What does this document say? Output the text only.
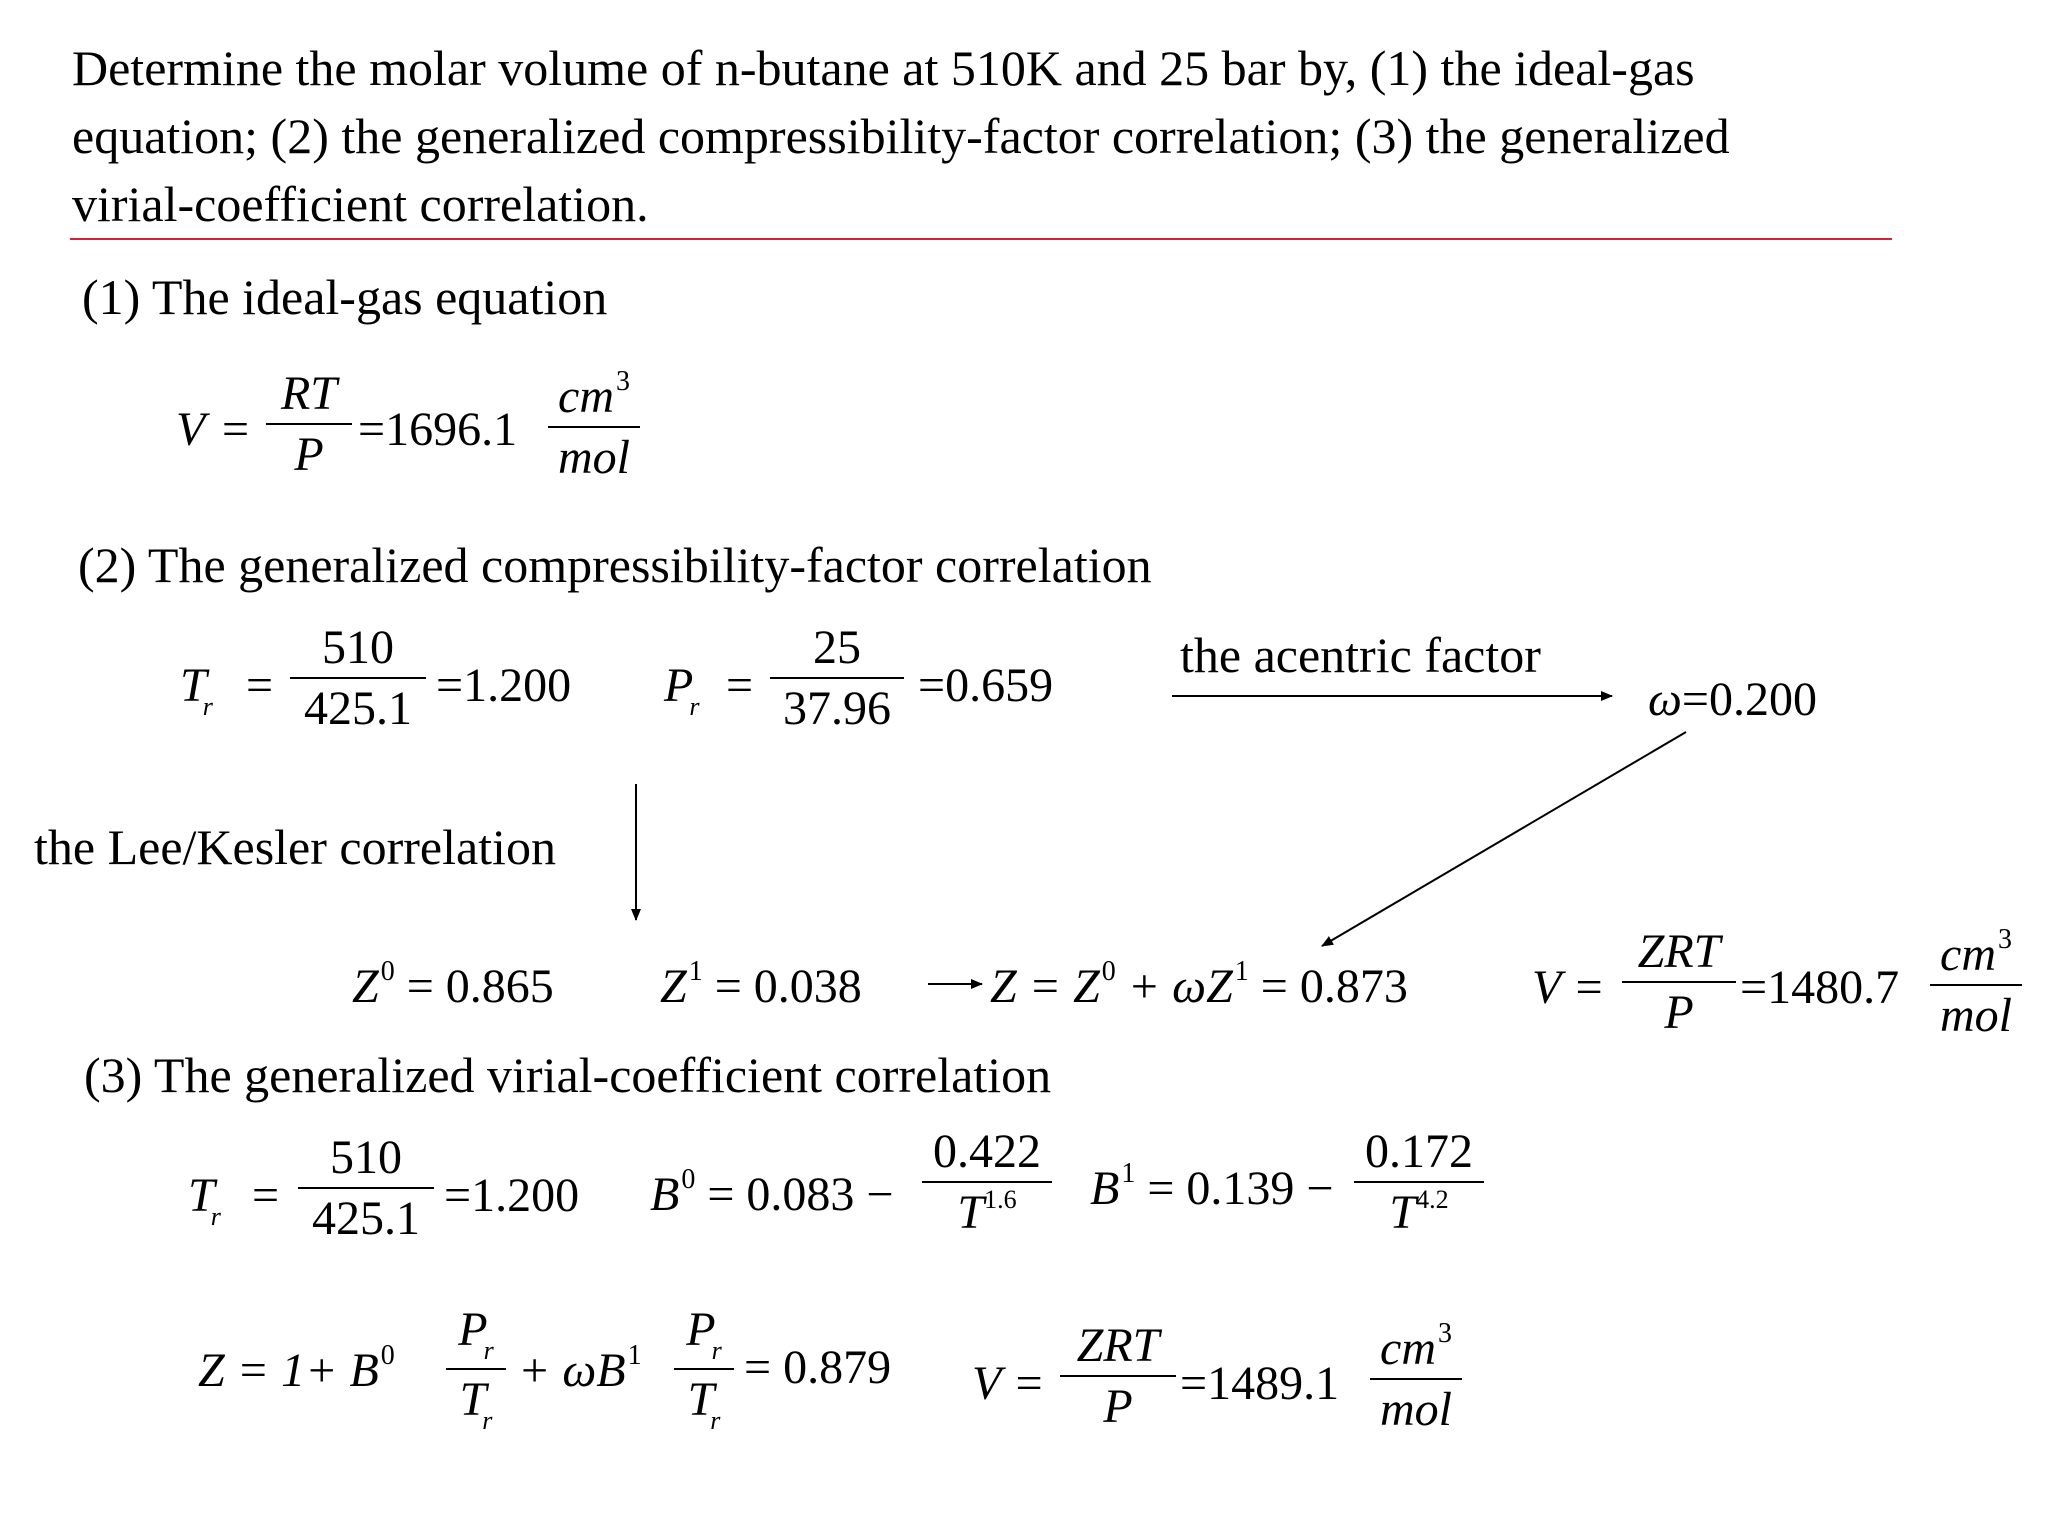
Determine the molar volume of n-butane at 510K and 25 bar by, (1) the ideal-gas
equation; (2) the generalized compressibility-factor correlation; (3) the generalized
virial-coefficient correlation.
(1) The ideal-gas equation
V =
RT
P =1696.1
$cm^3$
mol
(2) The generalized compressibility-factor correlation
$T_r$ =
510
425.1 =1.200 $P_r$ =
25
37.96 =0.659
the acentric factor
ω=0.200
the Lee/Kesler correlation
$Z^0 = 0.865$ $Z^1 = 0.038$	$Z = Z^0 + \omega Z^1 = 0.873$	V =
ZRT
P =1480.7
$cm^3$
mol
(3) The generalized virial-coefficient correlation
$T_r$ =
510
425.1 =1.200 $B^0 = 0.083$ −
0.422
$T^{1.6}$	$B^1 = 0.139$ −
0.172
$T^{4.2}$
$Z = 1+ B^0$ $P_r$
$T_r$
+ $\omega B^1$ $P_r$
$T_r$
= 0.879 V =
ZRT
P =1489.1
$cm^3$
mol
